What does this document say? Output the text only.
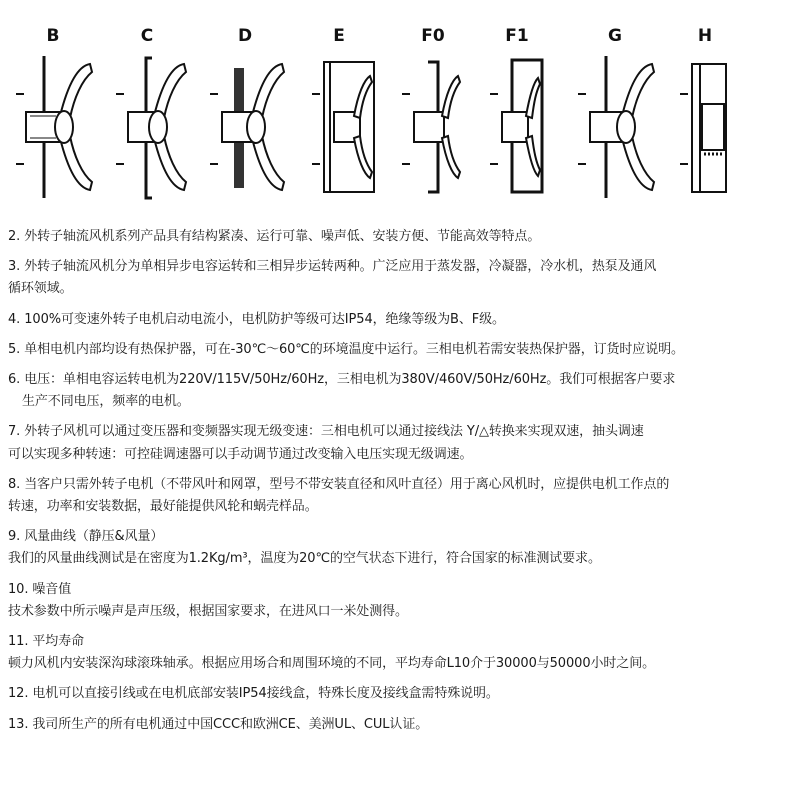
B	C	D	E	F0	F1	G	H

2. 外转子轴流风机系列产品具有结构紧凑、运行可靠、噪声低、安装方便、节能高效等特点。

3. 外转子轴流风机分为单相异步电容运转和三相异步运转两种。广泛应用于蒸发器，冷凝器，冷水机，热泵及通风
循环领域。

4. 100%可变速外转子电机启动电流小，电机防护等级可达IP54，绝缘等级为B、F级。

5. 单相电机内部均设有热保护器，可在-30℃～60℃的环境温度中运行。三相电机若需安装热保护器，订货时应说明。

6. 电压：单相电容运转电机为220V/115V/50Hz/60Hz，三相电机为380V/460V/50Hz/60Hz。我们可根据客户要求
生产不同电压，频率的电机。

7. 外转子风机可以通过变压器和变频器实现无级变速：三相电机可以通过接线法 Y/△转换来实现双速，抽头调速
可以实现多种转速：可控硅调速器可以手动调节通过改变输入电压实现无级调速。

8. 当客户只需外转子电机（不带风叶和网罩，型号不带安装直径和风叶直径）用于离心风机时，应提供电机工作点的
转速，功率和安装数据，最好能提供风轮和蜗壳样品。

9. 风量曲线（静压&风量）
我们的风量曲线测试是在密度为1.2Kg/m³，温度为20℃的空气状态下进行，符合国家的标准测试要求。

10. 噪音值
技术参数中所示噪声是声压级，根据国家要求，在进风口一米处测得。

11. 平均寿命
顿力风机内安装深沟球滚珠轴承。根据应用场合和周围环境的不同，平均寿命L10介于30000与50000小时之间。

12. 电机可以直接引线或在电机底部安装IP54接线盒，特殊长度及接线盒需特殊说明。

13. 我司所生产的所有电机通过中国CCC和欧洲CE、美洲UL、CUL认证。
